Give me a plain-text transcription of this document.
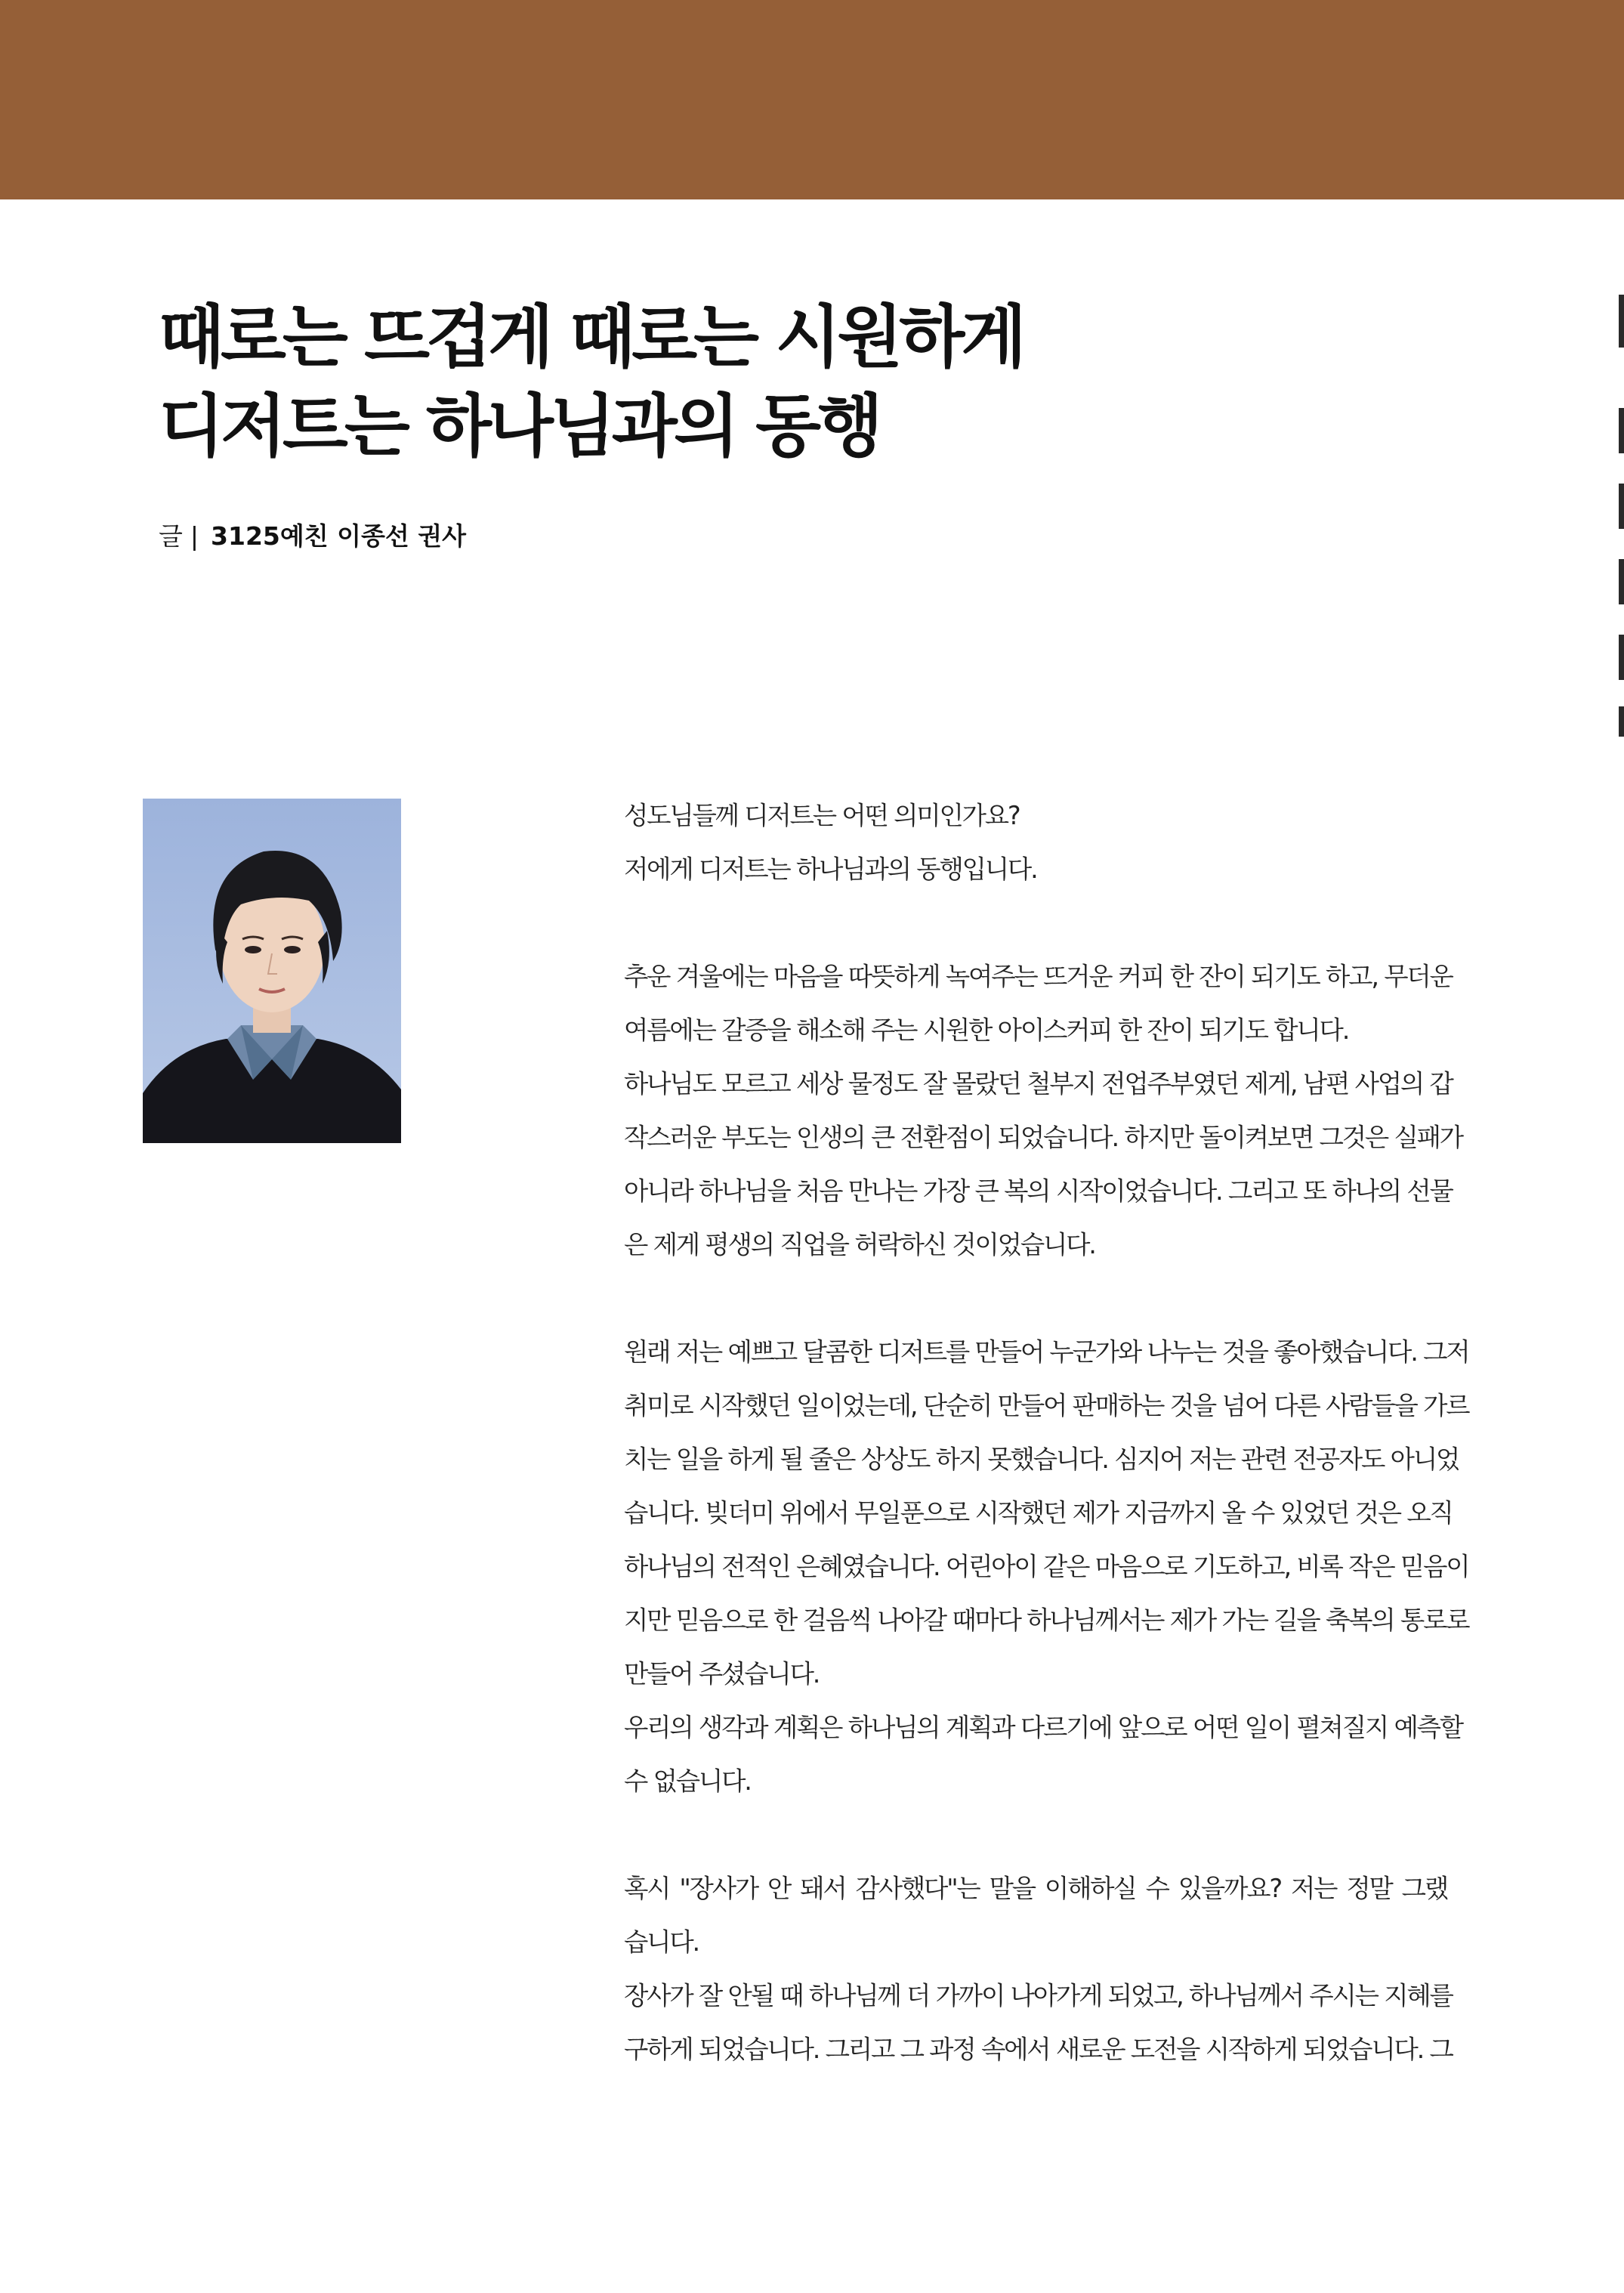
때로는 뜨겁게 때로는 시원하게
디저트는 하나님과의 동행
글 | 3125예친 이종선 권사
성도님들께 디저트는 어떤 의미인가요?
저에게 디저트는 하나님과의 동행입니다.
추운 겨울에는 마음을 따뜻하게 녹여주는 뜨거운 커피 한 잔이 되기도 하고, 무더운
여름에는 갈증을 해소해 주는 시원한 아이스커피 한 잔이 되기도 합니다.
하나님도 모르고 세상 물정도 잘 몰랐던 철부지 전업주부였던 제게, 남편 사업의 갑
작스러운 부도는 인생의 큰 전환점이 되었습니다. 하지만 돌이켜보면 그것은 실패가
아니라 하나님을 처음 만나는 가장 큰 복의 시작이었습니다. 그리고 또 하나의 선물
은 제게 평생의 직업을 허락하신 것이었습니다.
원래 저는 예쁘고 달콤한 디저트를 만들어 누군가와 나누는 것을 좋아했습니다. 그저
취미로 시작했던 일이었는데, 단순히 만들어 판매하는 것을 넘어 다른 사람들을 가르
치는 일을 하게 될 줄은 상상도 하지 못했습니다. 심지어 저는 관련 전공자도 아니었
습니다. 빚더미 위에서 무일푼으로 시작했던 제가 지금까지 올 수 있었던 것은 오직
하나님의 전적인 은혜였습니다. 어린아이 같은 마음으로 기도하고, 비록 작은 믿음이
지만 믿음으로 한 걸음씩 나아갈 때마다 하나님께서는 제가 가는 길을 축복의 통로로
만들어 주셨습니다.
우리의 생각과 계획은 하나님의 계획과 다르기에 앞으로 어떤 일이 펼쳐질지 예측할
수 없습니다.
혹시 "장사가 안 돼서 감사했다"는 말을 이해하실 수 있을까요? 저는 정말 그랬
습니다.
장사가 잘 안될 때 하나님께 더 가까이 나아가게 되었고, 하나님께서 주시는 지혜를
구하게 되었습니다. 그리고 그 과정 속에서 새로운 도전을 시작하게 되었습니다. 그
